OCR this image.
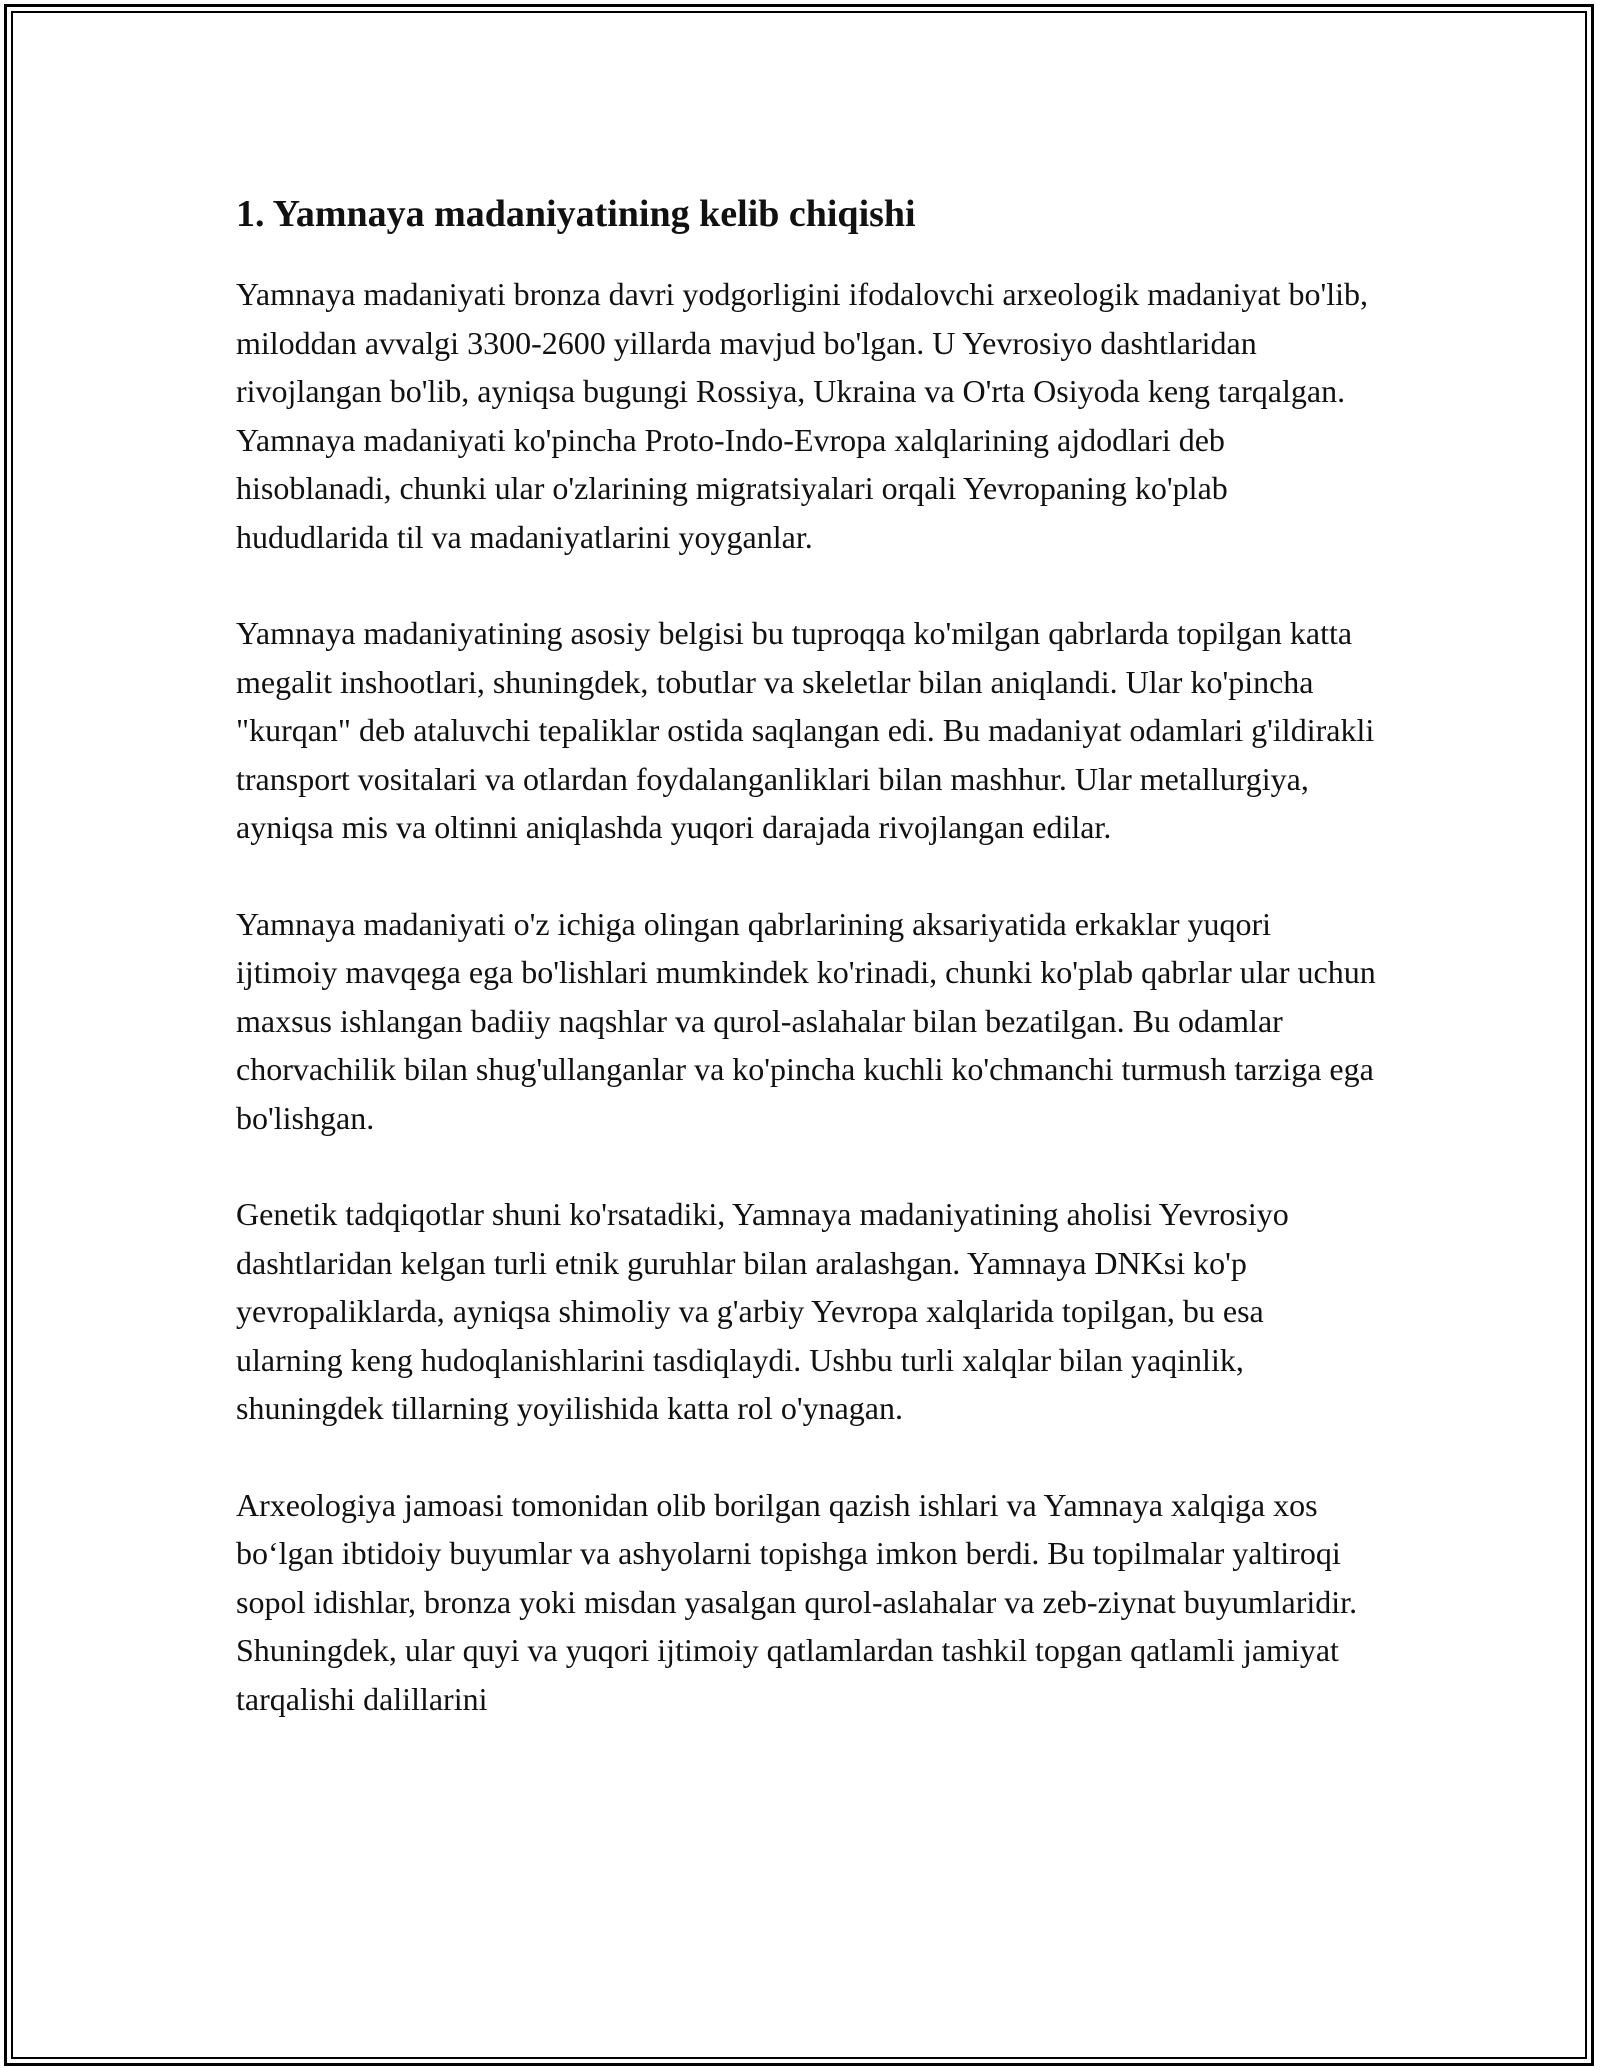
1. Yamnaya madaniyatining kelib chiqishi

Yamnaya madaniyati bronza davri yodgorligini ifodalovchi arxeologik madaniyat bo'lib, miloddan avvalgi 3300-2600 yillarda mavjud bo'lgan. U Yevrosiyo dashtlaridan rivojlangan bo'lib, ayniqsa bugungi Rossiya, Ukraina va O'rta Osiyoda keng tarqalgan. Yamnaya madaniyati ko'pincha Proto-Indo-Evropa xalqlarining ajdodlari deb hisoblanadi, chunki ular o'zlarining migratsiyalari orqali Yevropaning ko'plab hududlarida til va madaniyatlarini yoyganlar.

Yamnaya madaniyatining asosiy belgisi bu tuproqqa ko'milgan qabrlarda topilgan katta megalit inshootlari, shuningdek, tobutlar va skeletlar bilan aniqlandi. Ular ko'pincha "kurqan" deb ataluvchi tepaliklar ostida saqlangan edi. Bu madaniyat odamlari g'ildirakli transport vositalari va otlardan foydalanganliklari bilan mashhur. Ular metallurgiya, ayniqsa mis va oltinni aniqlashda yuqori darajada rivojlangan edilar.

Yamnaya madaniyati o'z ichiga olingan qabrlarining aksariyatida erkaklar yuqori ijtimoiy mavqega ega bo'lishlari mumkindek ko'rinadi, chunki ko'plab qabrlar ular uchun maxsus ishlangan badiiy naqshlar va qurol-aslahalar bilan bezatilgan. Bu odamlar chorvachilik bilan shug'ullanganlar va ko'pincha kuchli ko'chmanchi turmush tarziga ega bo'lishgan.

Genetik tadqiqotlar shuni ko'rsatadiki, Yamnaya madaniyatining aholisi Yevrosiyo dashtlaridan kelgan turli etnik guruhlar bilan aralashgan. Yamnaya DNKsi ko'p yevropaliklarda, ayniqsa shimoliy va g'arbiy Yevropa xalqlarida topilgan, bu esa ularning keng hudoqlanishlarini tasdiqlaydi. Ushbu turli xalqlar bilan yaqinlik, shuningdek tillarning yoyilishida katta rol o'ynagan.

Arxeologiya jamoasi tomonidan olib borilgan qazish ishlari va Yamnaya xalqiga xos bo‘lgan ibtidoiy buyumlar va ashyolarni topishga imkon berdi. Bu topilmalar yaltiroqi sopol idishlar, bronza yoki misdan yasalgan qurol-aslahalar va zeb-ziynat buyumlaridir. Shuningdek, ular quyi va yuqori ijtimoiy qatlamlardan tashkil topgan qatlamli jamiyat tarqalishi dalillarini
